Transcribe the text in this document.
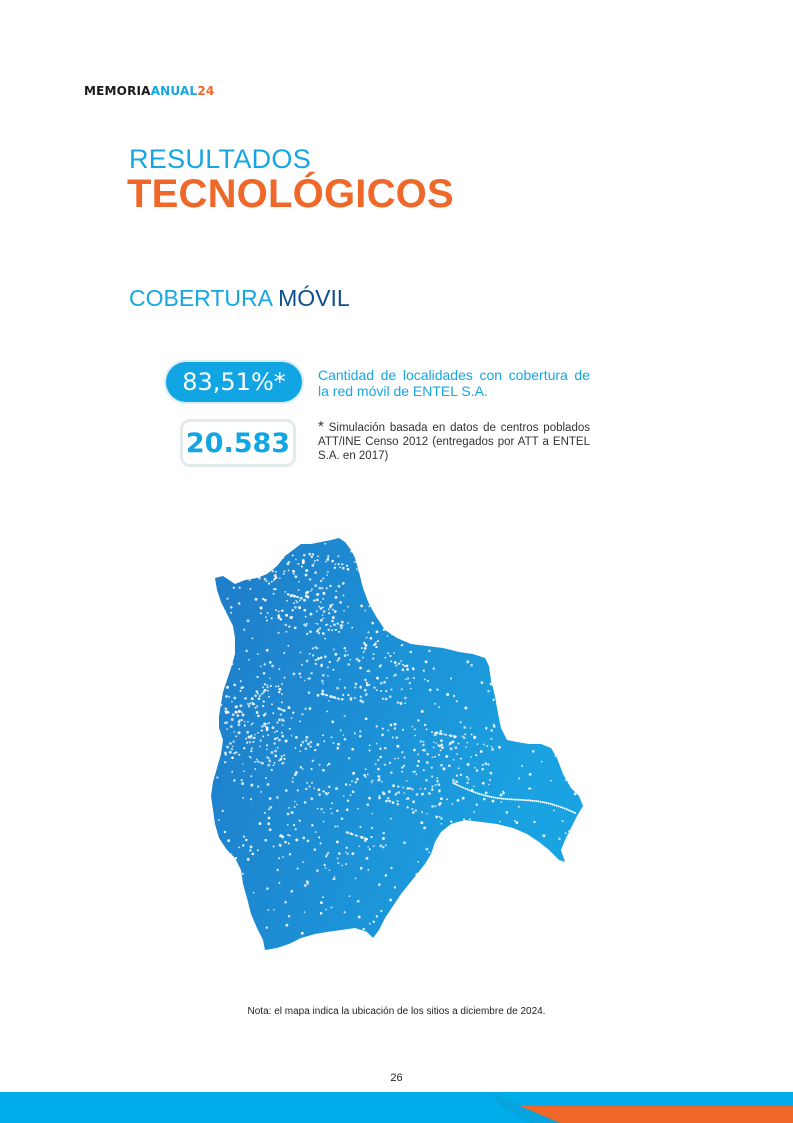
MEMORIAANUAL24
RESULTADOS
TECNOLÓGICOS
COBERTURA MÓVIL
83,51%*
20.583
Cantidad de localidades con cobertura de la red móvil de ENTEL S.A.
* Simulación basada en datos de centros poblados ATT/INE Censo 2012 (entregados por ATT a ENTEL S.A. en 2017)
Nota: el mapa indica la ubicación de los sitios a diciembre de 2024.
26
